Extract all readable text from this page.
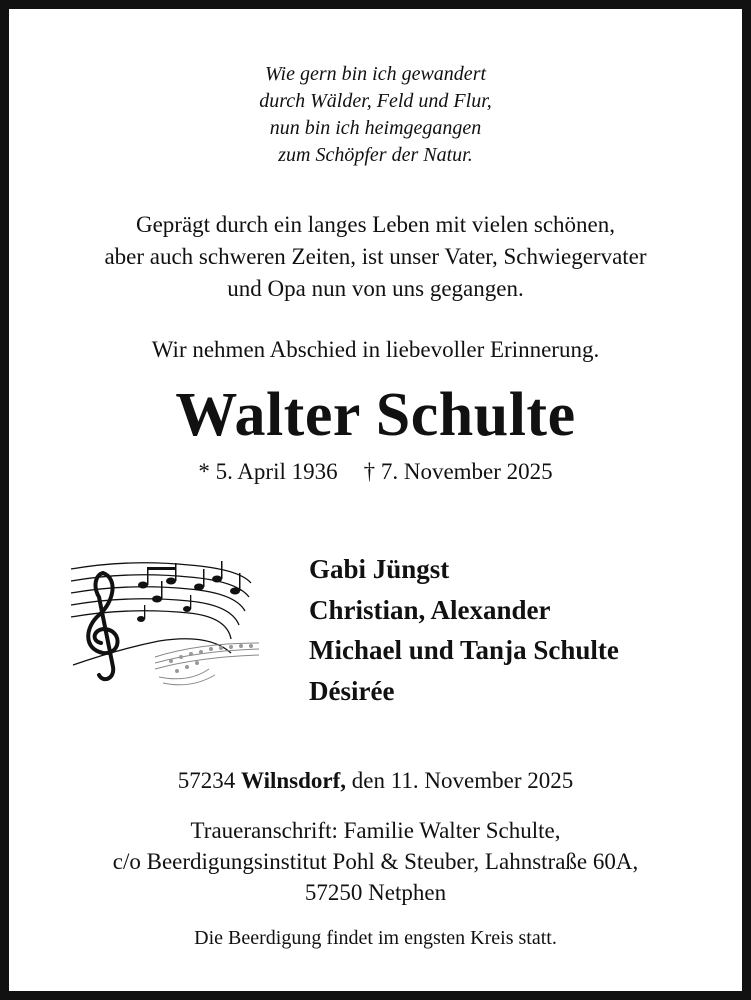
Wie gern bin ich gewandert
durch Wälder, Feld und Flur,
nun bin ich heimgegangen
zum Schöpfer der Natur.
Geprägt durch ein langes Leben mit vielen schönen,
aber auch schweren Zeiten, ist unser Vater, Schwiegervater
und Opa nun von uns gegangen.
Wir nehmen Abschied in liebevoller Erinnerung.
Walter Schulte
* 5. April 1936 † 7. November 2025
Gabi Jüngst
Christian, Alexander
Michael und Tanja Schulte
Désirée
57234 Wilnsdorf, den 11. November 2025
Traueranschrift: Familie Walter Schulte,
c/o Beerdigungsinstitut Pohl & Steuber, Lahnstraße 60A,
57250 Netphen
Die Beerdigung findet im engsten Kreis statt.
